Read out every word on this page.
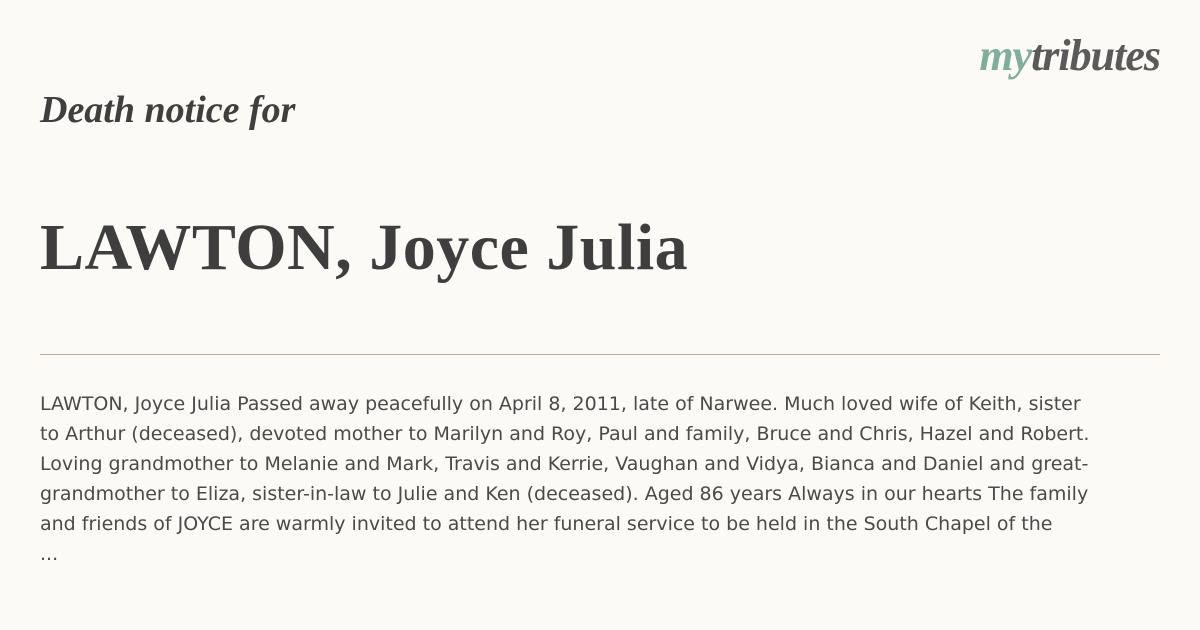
mytributes
Death notice for
LAWTON, Joyce Julia

LAWTON, Joyce Julia Passed away peacefully on April 8, 2011, late of Narwee. Much loved wife of Keith, sister
to Arthur (deceased), devoted mother to Marilyn and Roy, Paul and family, Bruce and Chris, Hazel and Robert.
Loving grandmother to Melanie and Mark, Travis and Kerrie, Vaughan and Vidya, Bianca and Daniel and great-
grandmother to Eliza, sister-in-law to Julie and Ken (deceased). Aged 86 years Always in our hearts The family
and friends of JOYCE are warmly invited to attend her funeral service to be held in the South Chapel of the

...
